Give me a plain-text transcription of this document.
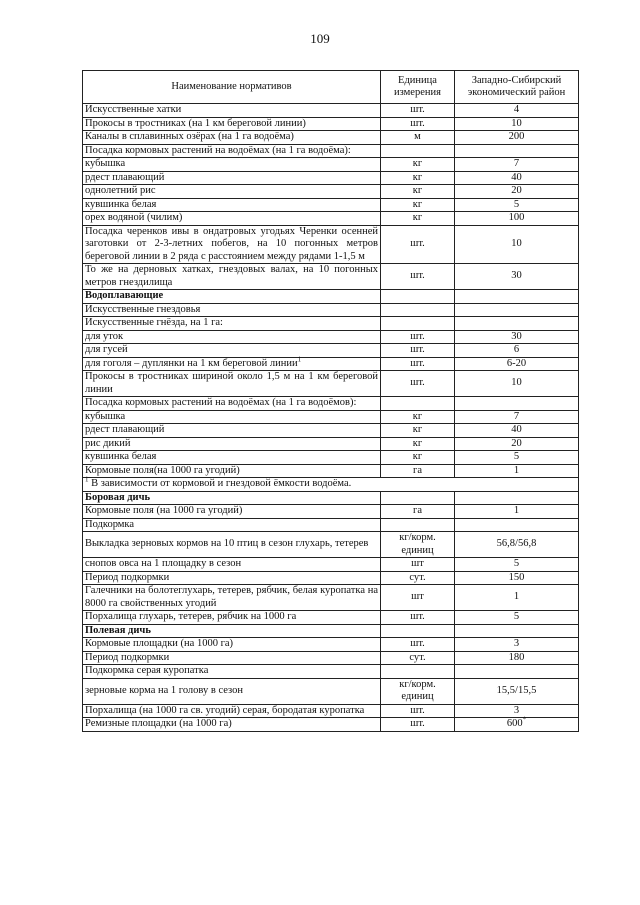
109
Наименование нормативов	Единица измерения	Западно-Сибирский экономический район
Искусственные хатки	шт.	4
Прокосы в тростниках (на 1 км береговой линии)	шт.	10
Каналы в сплавинных озёрах (на 1 га водоёма)	м	200
Посадка кормовых растений на водоёмах (на 1 га водоёма):		
кубышка	кг	7
рдест плавающий	кг	40
однолетний рис	кг	20
кувшинка белая	кг	5
орех водяной (чилим)	кг	100
Посадка черенков ивы в ондатровых угодьях Черенки осенней заготовки от 2-3-летних побегов, на 10 погонных метров береговой линии в 2 ряда с расстоянием между рядами 1-1,5 м	шт.	10
То же на дерновых хатках, гнездовых валах, на 10 погонных метров гнездилища	шт.	30
Водоплавающие		
Искусственные гнездовья		
Искусственные гнёзда, на 1 га:		
для уток	шт.	30
для гусей	шт.	6
для гоголя – дуплянки на 1 км береговой линии$^1$	шт.	6-20
Прокосы в тростниках шириной около 1,5 м на 1 км береговой линии	шт.	10
Посадка кормовых растений на водоёмах (на 1 га водоёмов):		
кубышка	кг	7
рдест плавающий	кг	40
рис дикий	кг	20
кувшинка белая	кг	5
Кормовые поля(на 1000 га угодий)	га	1
$^1$ В зависимости от кормовой и гнездовой ёмкости водоёма.		
Боровая дичь		
Кормовые поля (на 1000 га угодий)	га	1
Подкормка		
Выкладка зерновых кормов на 10 птиц в сезон глухарь, тетерев	кг/корм. единиц	56,8/56,8
снопов овса на 1 площадку в сезон	шт	5
Период подкормки	сут.	150
Галечники на болотеглухарь, тетерев, рябчик, белая куропатка на 8000 га свойственных угодий	шт	1
Порхалища глухарь, тетерев, рябчик на 1000 га	шт.	5
Полевая дичь		
Кормовые площадки (на 1000 га)	шт.	3
Период подкормки	сут.	180
Подкормка серая куропатка		
зерновые корма на 1 голову в сезон	кг/корм. единиц	15,5/15,5
Порхалища (на 1000 га св. угодий) серая, бородатая куропатка	шт.	3
Ремизные площадки (на 1000 га)	шт.	600*
